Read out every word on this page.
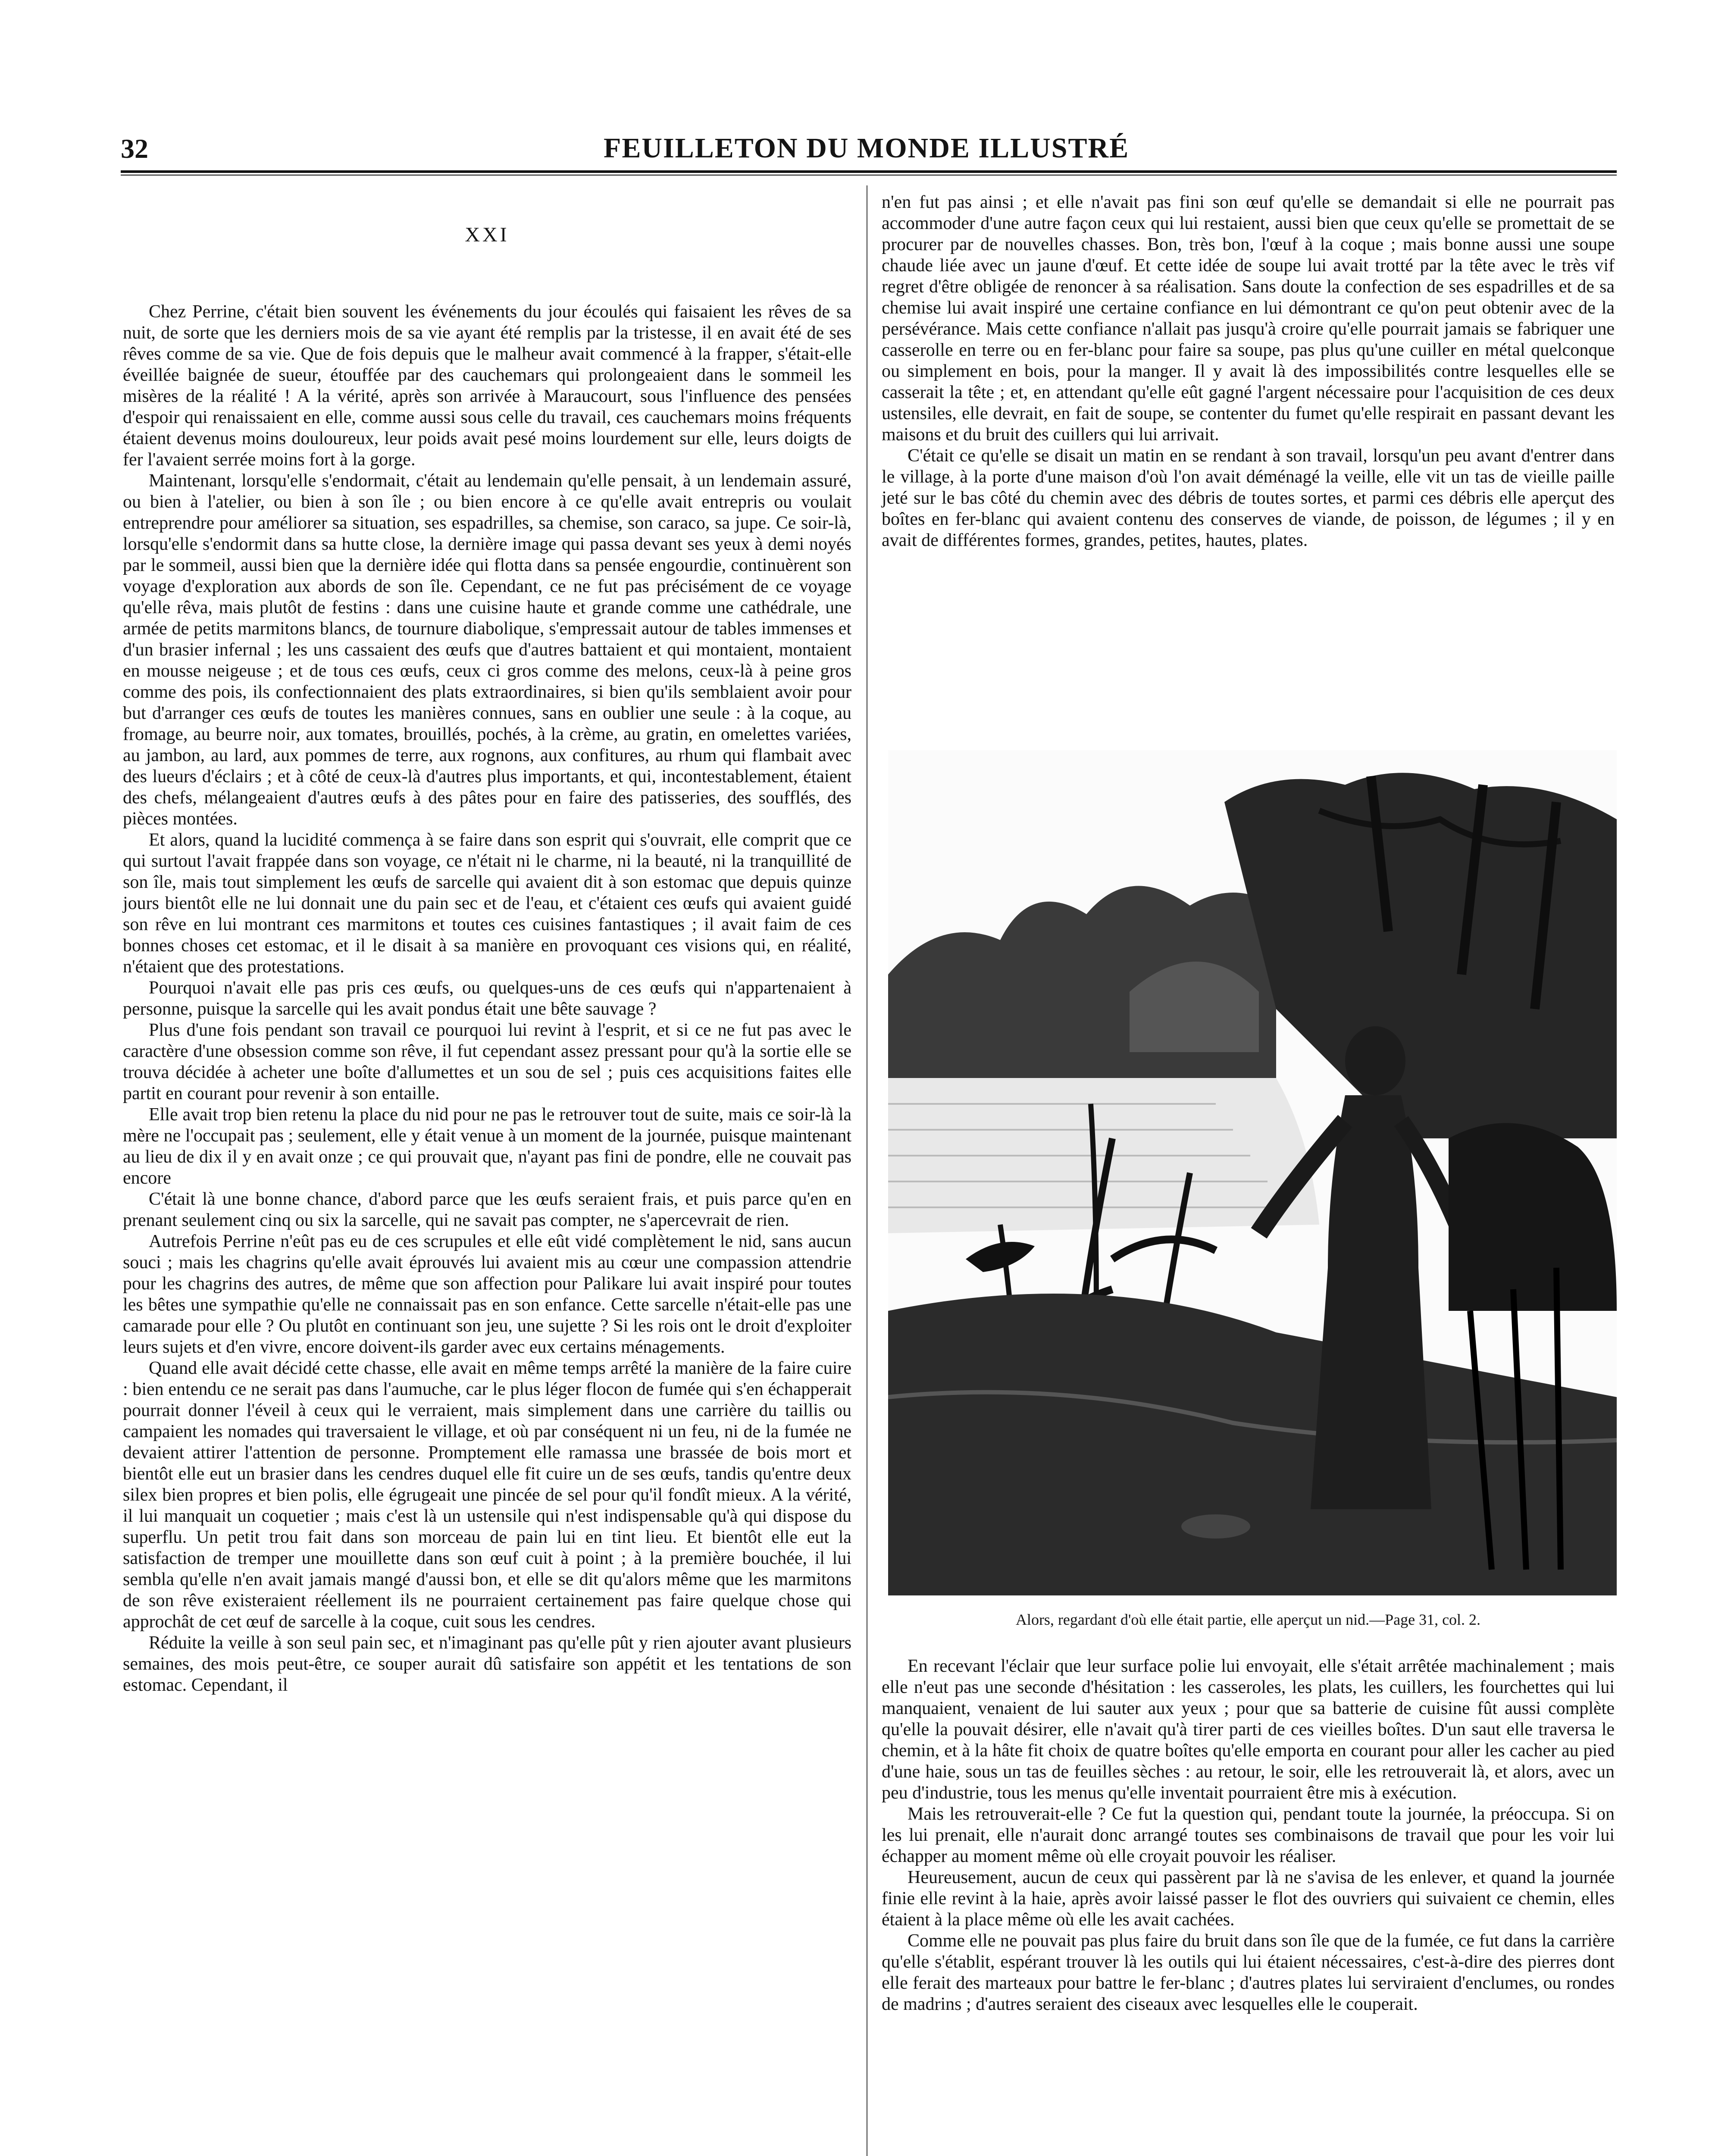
32	FEUILLETON DU MONDE ILLUSTRÉ

XXI

Chez Perrine, c'était bien souvent les événements du jour écoulés qui faisaient les rêves de sa nuit, de sorte que les derniers mois de sa vie ayant été remplis par la tristesse, il en avait été de ses rêves comme de sa vie. Que de fois depuis que le malheur avait commencé à la frapper, s'était-elle éveillée baignée de sueur, étouffée par des cauchemars qui prolongeaient dans le sommeil les misères de la réalité ! A la vérité, après son arrivée à Maraucourt, sous l'influence des pensées d'espoir qui renaissaient en elle, comme aussi sous celle du travail, ces cauchemars moins fréquents étaient devenus moins douloureux, leur poids avait pesé moins lourdement sur elle, leurs doigts de fer l'avaient serrée moins fort à la gorge.

Maintenant, lorsqu'elle s'endormait, c'était au lendemain qu'elle pensait, à un lendemain assuré, ou bien à l'atelier, ou bien à son île ; ou bien encore à ce qu'elle avait entrepris ou voulait entreprendre pour améliorer sa situation, ses espadrilles, sa chemise, son caraco, sa jupe. Ce soir-là, lorsqu'elle s'endormit dans sa hutte close, la dernière image qui passa devant ses yeux à demi noyés par le sommeil, aussi bien que la dernière idée qui flotta dans sa pensée engourdie, continuèrent son voyage d'exploration aux abords de son île. Cependant, ce ne fut pas précisément de ce voyage qu'elle rêva, mais plutôt de festins : dans une cuisine haute et grande comme une cathédrale, une armée de petits marmitons blancs, de tournure diabolique, s'empressait autour de tables immenses et d'un brasier infernal ; les uns cassaient des œufs que d'autres battaient et qui montaient, montaient en mousse neigeuse ; et de tous ces œufs, ceux ci gros comme des melons, ceux-là à peine gros comme des pois, ils confectionnaient des plats extraordinaires, si bien qu'ils semblaient avoir pour but d'arranger ces œufs de toutes les manières connues, sans en oublier une seule : à la coque, au fromage, au beurre noir, aux tomates, brouillés, pochés, à la crème, au gratin, en omelettes variées, au jambon, au lard, aux pommes de terre, aux rognons, aux confitures, au rhum qui flambait avec des lueurs d'éclairs ; et à côté de ceux-là d'autres plus importants, et qui, incontestablement, étaient des chefs, mélangeaient d'autres œufs à des pâtes pour en faire des patisseries, des soufflés, des pièces montées.

Et alors, quand la lucidité commença à se faire dans son esprit qui s'ouvrait, elle comprit que ce qui surtout l'avait frappée dans son voyage, ce n'était ni le charme, ni la beauté, ni la tranquillité de son île, mais tout simplement les œufs de sarcelle qui avaient dit à son estomac que depuis quinze jours bientôt elle ne lui donnait une du pain sec et de l'eau, et c'étaient ces œufs qui avaient guidé son rêve en lui montrant ces marmitons et toutes ces cuisines fantastiques ; il avait faim de ces bonnes choses cet estomac, et il le disait à sa manière en provoquant ces visions qui, en réalité, n'étaient que des protestations.

Pourquoi n'avait elle pas pris ces œufs, ou quelques-uns de ces œufs qui n'appartenaient à personne, puisque la sarcelle qui les avait pondus était une bête sauvage ?

Plus d'une fois pendant son travail ce pourquoi lui revint à l'esprit, et si ce ne fut pas avec le caractère d'une obsession comme son rêve, il fut cependant assez pressant pour qu'à la sortie elle se trouva décidée à acheter une boîte d'allumettes et un sou de sel ; puis ces acquisitions faites elle partit en courant pour revenir à son entaille.

Elle avait trop bien retenu la place du nid pour ne pas le retrouver tout de suite, mais ce soir-là la mère ne l'occupait pas ; seulement, elle y était venue à un moment de la journée, puisque maintenant au lieu de dix il y en avait onze ; ce qui prouvait que, n'ayant pas fini de pondre, elle ne couvait pas encore

C'était là une bonne chance, d'abord parce que les œufs seraient frais, et puis parce qu'en en prenant seulement cinq ou six la sarcelle, qui ne savait pas compter, ne s'apercevrait de rien.

Autrefois Perrine n'eût pas eu de ces scrupules et elle eût vidé complètement le nid, sans aucun souci ; mais les chagrins qu'elle avait éprouvés lui avaient mis au cœur une compassion attendrie pour les chagrins des autres, de même que son affection pour Palikare lui avait inspiré pour toutes les bêtes une sympathie qu'elle ne connaissait pas en son enfance. Cette sarcelle n'était-elle pas une camarade pour elle ? Ou plutôt en continuant son jeu, une sujette ? Si les rois ont le droit d'exploiter leurs sujets et d'en vivre, encore doivent-ils garder avec eux certains ménagements.

Quand elle avait décidé cette chasse, elle avait en même temps arrêté la manière de la faire cuire : bien entendu ce ne serait pas dans l'aumuche, car le plus léger flocon de fumée qui s'en échapperait pourrait donner l'éveil à ceux qui le verraient, mais simplement dans une carrière du taillis ou campaient les nomades qui traversaient le village, et où par conséquent ni un feu, ni de la fumée ne devaient attirer l'attention de personne. Promptement elle ramassa une brassée de bois mort et bientôt elle eut un brasier dans les cendres duquel elle fit cuire un de ses œufs, tandis qu'entre deux silex bien propres et bien polis, elle égrugeait une pincée de sel pour qu'il fondît mieux. A la vérité, il lui manquait un coquetier ; mais c'est là un ustensile qui n'est indispensable qu'à qui dispose du superflu. Un petit trou fait dans son morceau de pain lui en tint lieu. Et bientôt elle eut la satisfaction de tremper une mouillette dans son œuf cuit à point ; à la première bouchée, il lui sembla qu'elle n'en avait jamais mangé d'aussi bon, et elle se dit qu'alors même que les marmitons de son rêve existeraient réellement ils ne pourraient certainement pas faire quelque chose qui approchât de cet œuf de sarcelle à la coque, cuit sous les cendres.

Réduite la veille à son seul pain sec, et n'imaginant pas qu'elle pût y rien ajouter avant plusieurs semaines, des mois peut-être, ce souper aurait dû satisfaire son appétit et les tentations de son estomac. Cependant, il

n'en fut pas ainsi ; et elle n'avait pas fini son œuf qu'elle se demandait si elle ne pourrait pas accommoder d'une autre façon ceux qui lui restaient, aussi bien que ceux qu'elle se promettait de se procurer par de nouvelles chasses. Bon, très bon, l'œuf à la coque ; mais bonne aussi une soupe chaude liée avec un jaune d'œuf. Et cette idée de soupe lui avait trotté par la tête avec le très vif regret d'être obligée de renoncer à sa réalisation. Sans doute la confection de ses espadrilles et de sa chemise lui avait inspiré une certaine confiance en lui démontrant ce qu'on peut obtenir avec de la persévérance. Mais cette confiance n'allait pas jusqu'à croire qu'elle pourrait jamais se fabriquer une casserolle en terre ou en fer-blanc pour faire sa soupe, pas plus qu'une cuiller en métal quelconque ou simplement en bois, pour la manger. Il y avait là des impossibilités contre lesquelles elle se casserait la tête ; et, en attendant qu'elle eût gagné l'argent nécessaire pour l'acquisition de ces deux ustensiles, elle devrait, en fait de soupe, se contenter du fumet qu'elle respirait en passant devant les maisons et du bruit des cuillers qui lui arrivait.

C'était ce qu'elle se disait un matin en se rendant à son travail, lorsqu'un peu avant d'entrer dans le village, à la porte d'une maison d'où l'on avait déménagé la veille, elle vit un tas de vieille paille jeté sur le bas côté du chemin avec des débris de toutes sortes, et parmi ces débris elle aperçut des boîtes en fer-blanc qui avaient contenu des conserves de viande, de poisson, de légumes ; il y en avait de différentes formes, grandes, petites, hautes, plates.

Alors, regardant d'où elle était partie, elle aperçut un nid.—Page 31, col. 2.

En recevant l'éclair que leur surface polie lui envoyait, elle s'était arrêtée machinalement ; mais elle n'eut pas une seconde d'hésitation : les casseroles, les plats, les cuillers, les fourchettes qui lui manquaient, venaient de lui sauter aux yeux ; pour que sa batterie de cuisine fût aussi complète qu'elle la pouvait désirer, elle n'avait qu'à tirer parti de ces vieilles boîtes. D'un saut elle traversa le chemin, et à la hâte fit choix de quatre boîtes qu'elle emporta en courant pour aller les cacher au pied d'une haie, sous un tas de feuilles sèches : au retour, le soir, elle les retrouverait là, et alors, avec un peu d'industrie, tous les menus qu'elle inventait pourraient être mis à exécution.

Mais les retrouverait-elle ? Ce fut la question qui, pendant toute la journée, la préoccupa. Si on les lui prenait, elle n'aurait donc arrangé toutes ses combinaisons de travail que pour les voir lui échapper au moment même où elle croyait pouvoir les réaliser.

Heureusement, aucun de ceux qui passèrent par là ne s'avisa de les enlever, et quand la journée finie elle revint à la haie, après avoir laissé passer le flot des ouvriers qui suivaient ce chemin, elles étaient à la place même où elle les avait cachées.

Comme elle ne pouvait pas plus faire du bruit dans son île que de la fumée, ce fut dans la carrière qu'elle s'établit, espérant trouver là les outils qui lui étaient nécessaires, c'est-à-dire des pierres dont elle ferait des marteaux pour battre le fer-blanc ; d'autres plates lui serviraient d'enclumes, ou rondes de madrins ; d'autres seraient des ciseaux avec lesquelles elle le couperait.
